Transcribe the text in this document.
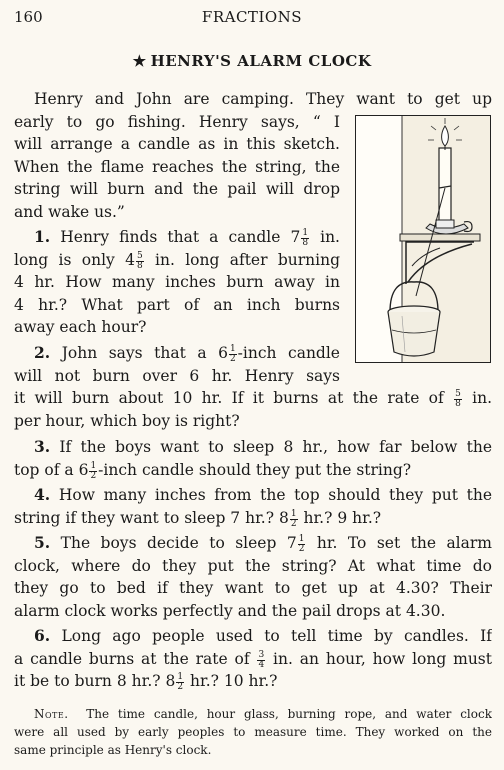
160	FRACTIONS
★ HENRY'S ALARM CLOCK
Henry and John are camping. They want to get up
early to go fishing. Henry says, “ I
will arrange a candle as in this sketch.
When the flame reaches the string, the
string will burn and the pail will drop
and wake us.”
1. Henry finds that a candle $7 \frac{1}{8}$ in.
long is only $4 \frac{5}{8}$ in. long after burning
4 hr. How many inches burn away in
4 hr.? What part of an inch burns
away each hour?
2. John says that a $6 \frac{1}{2}$ -inch candle
will not burn over 6 hr. Henry says
it will burn about 10 hr. If it burns at the rate of $\frac{5}{8}$ in.
per hour, which boy is right?
3. If the boys want to sleep 8 hr., how far below the
top of a $6 \frac{1}{2}$ -inch candle should they put the string?
4. How many inches from the top should they put the
string if they want to sleep 7 hr.? $8 \frac{1}{2}$ hr.? 9 hr.?
5. The boys decide to sleep $7 \frac{1}{2}$ hr. To set the alarm
clock, where do they put the string? At what time do
they go to bed if they want to get up at 4.30? Their
alarm clock works perfectly and the pail drops at 4.30.
6. Long ago people used to tell time by candles. If
a candle burns at the rate of $\frac{3}{4}$ in. an hour, how long must
it be to burn 8 hr.? $8 \frac{1}{2}$ hr.? 10 hr.?
Note. The time candle, hour glass, burning rope, and water clock
were all used by early peoples to measure time. They worked on the
same principle as Henry's clock.
